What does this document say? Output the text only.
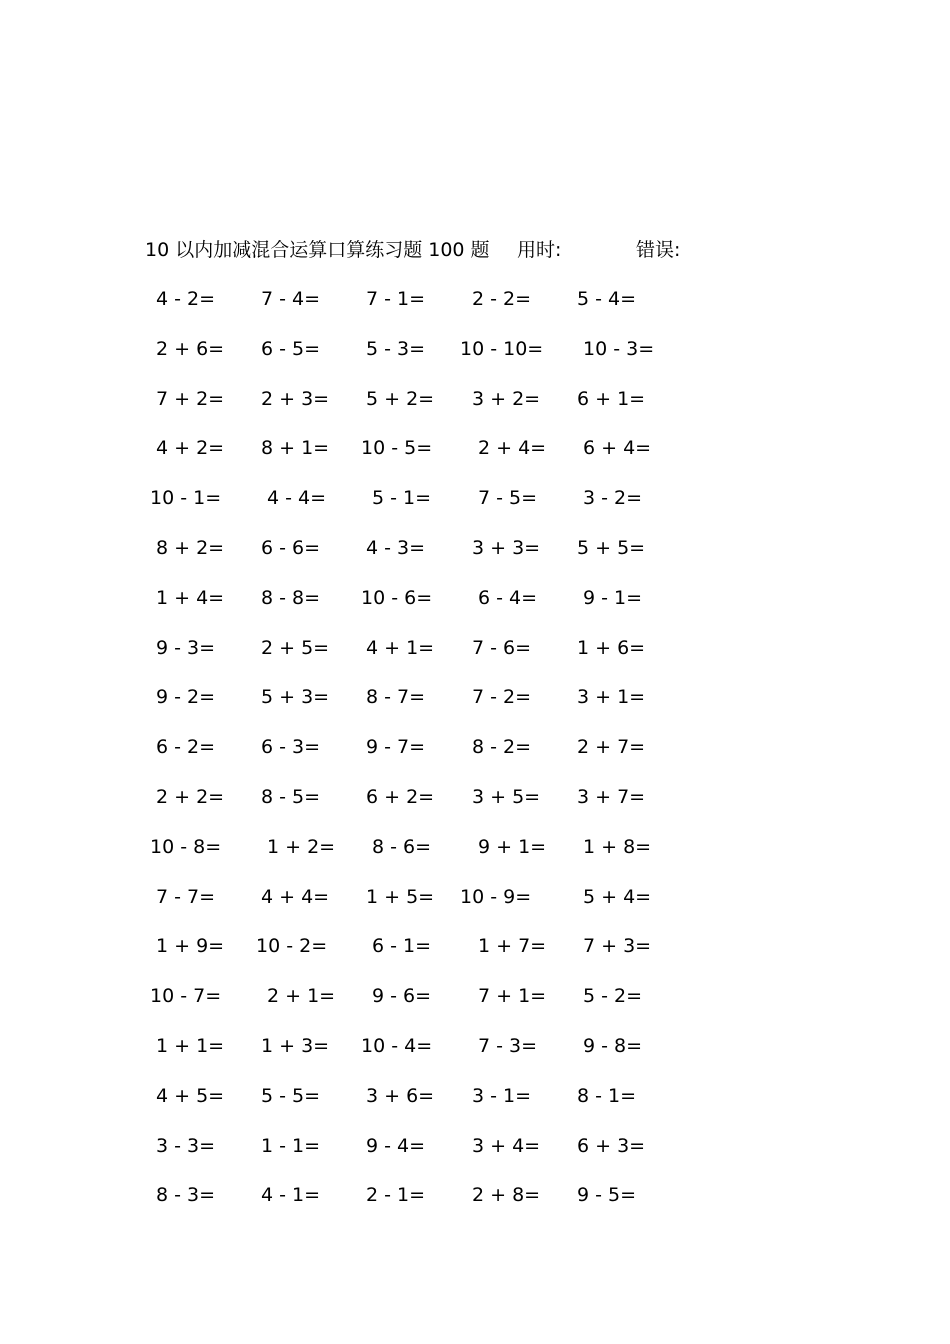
10 以内加减混合运算口算练习题 100 题 用时:	错误:
4 - 2= 7 - 4= 7 - 1= 2 - 2= 5 - 4=
2 + 6= 6 - 5= 5 - 3= 10 - 10= 10 - 3=
7 + 2= 2 + 3= 5 + 2= 3 + 2= 6 + 1=
4 + 2= 8 + 1= 10 - 5= 2 + 4= 6 + 4=
10 - 1= 4 - 4= 5 - 1= 7 - 5= 3 - 2=
8 + 2= 6 - 6= 4 - 3= 3 + 3= 5 + 5=
1 + 4= 8 - 8= 10 - 6= 6 - 4= 9 - 1=
9 - 3= 2 + 5= 4 + 1= 7 - 6= 1 + 6=
9 - 2= 5 + 3= 8 - 7= 7 - 2= 3 + 1=
6 - 2= 6 - 3= 9 - 7= 8 - 2= 2 + 7=
2 + 2= 8 - 5= 6 + 2= 3 + 5= 3 + 7=
10 - 8= 1 + 2= 8 - 6= 9 + 1= 1 + 8=
7 - 7= 4 + 4= 1 + 5= 10 - 9=	5 + 4=
1 + 9= 10 - 2= 6 - 1= 1 + 7= 7 + 3=
10 - 7= 2 + 1= 9 - 6= 7 + 1= 5 - 2=
1 + 1= 1 + 3= 10 - 4= 7 - 3= 9 - 8=
4 + 5= 5 - 5= 3 + 6= 3 - 1= 8 - 1=
3 - 3= 1 - 1= 9 - 4= 3 + 4= 6 + 3=
8 - 3= 4 - 1= 2 - 1= 2 + 8= 9 - 5=
